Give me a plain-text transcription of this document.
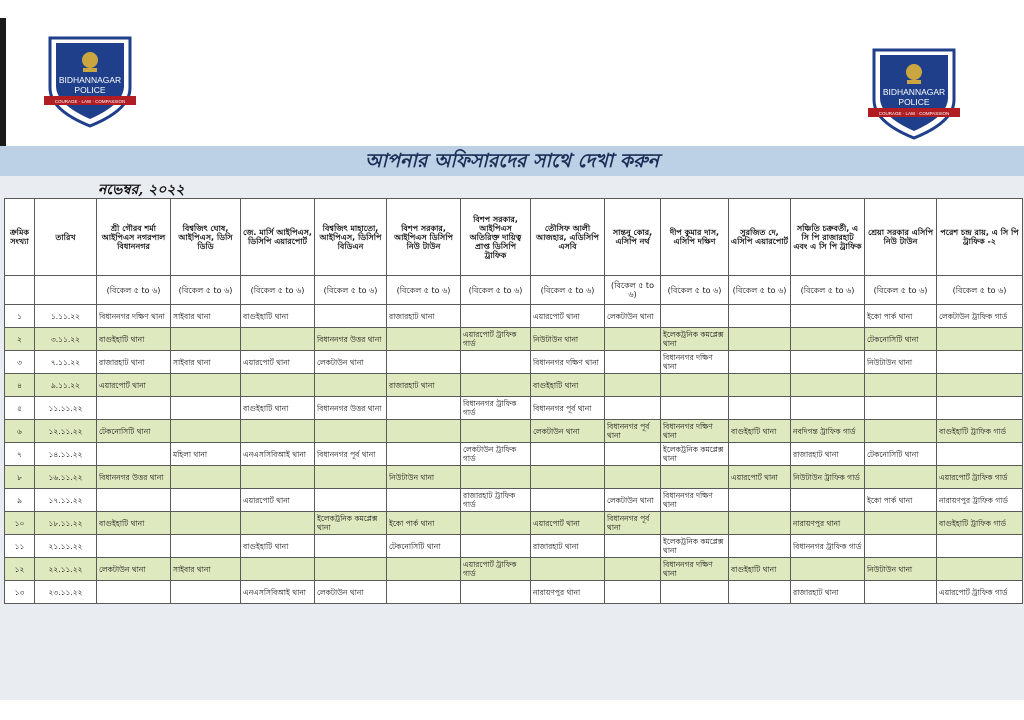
BIDHANNAGAR
POLICE
COURAGE · LAW · COMPASSION
BIDHANNAGAR
POLICE
COURAGE · LAW · COMPASSION
আপনার অফিসারদের সাথে দেখা করুন
নভেম্বর, ২০২২
ক্রমিক সংখ্যা	তারিখ	শ্রী গৌরব শর্মা আইপিএস নগরপাল বিধাননগর	বিশ্বজিৎ ঘোষ, আইপিএস, ডিসি ডিডি	জে. মার্সি আইপিএস, ডিসিপি এয়ারপোর্ট	বিশ্বজিৎ মাহাতো, আইপিএস, ডিসিপি বিডিএন	বিশপ সরকার, আইপিএস ডিসিপি নিউ টাউন	বিশপ সরকার, আইপিএস অতিরিক্ত দায়িত্ব প্রাপ্ত ডিসিপি ট্রাফিক	তৌসিফ আলী আজহার, এডিসিপি এসবি	সান্তনু কোর, এসিপি নর্থ	দীপ কুমার দাস, এসিপি দক্ষিণ	সুরজিত দে, এসিপি এয়ারপোর্ট	সঞ্চিতি চক্রবর্তী, এ সি পি রাজারহাট এবং এ সি পি ট্রাফিক	শ্রেয়া সরকার এসিপি নিউ টাউন	পরেশ চন্দ্র রায়, এ সি পি ট্রাফিক -২
		(বিকেল ৫ to ৬)	(বিকেল ৫ to ৬)	(বিকেল ৫ to ৬)	(বিকেল ৫ to ৬)	(বিকেল ৫ to ৬)	(বিকেল ৫ to ৬)	(বিকেল ৫ to ৬)	(বিকেল ৫ to ৬)	(বিকেল ৫ to ৬)	(বিকেল ৫ to ৬)	(বিকেল ৫ to ৬)	(বিকেল ৫ to ৬)	(বিকেল ৫ to ৬)
১	১.১১.২২	বিধাননগর দক্ষিণ থানা	সাইবার থানা	বাগুইহাটি থানা		রাজারহাট থানা		এয়ারপোর্ট থানা	লেকটাউন থানা				ইকো পার্ক থানা	লেকটাউন ট্রাফিক গার্ড
২	৩.১১.২২	বাগুইহাটি থানা			বিধাননগর উত্তর থানা		এয়ারপোর্ট ট্রাফিক গার্ড	নিউটাউন থানা		ইলেকট্রনিক কমপ্লেক্স থানা			টেকনোসিটি থানা	
৩	৭.১১.২২	রাজারহাট থানা	সাইবার থানা	এয়ারপোর্ট থানা	লেকটাউন থানা			বিধাননগর দক্ষিণ থানা		বিধাননগর দক্ষিণ থানা			নিউটাউন থানা	
৪	৯.১১.২২	এয়ারপোর্ট থানা				রাজারহাট থানা		বাগুইহাটি থানা						
৫	১১.১১.২২			বাগুইহাটি থানা	বিধাননগর উত্তর থানা		বিধাননগর ট্রাফিক গার্ড	বিধাননগর পূর্ব থানা						
৬	১২.১১.২২	টেকনোসিটি থানা						লেকটাউন থানা	বিধাননগর পূর্ব থানা	বিধাননগর দক্ষিণ থানা	বাগুইহাটি থানা	নবদিগন্ত ট্রাফিক গার্ড		বাগুইহাটি ট্রাফিক গার্ড
৭	১৪.১১.২২		মহিলা থানা	এনএসসিবিআই থানা	বিধাননগর পূর্ব থানা		লেকটাউন ট্রাফিক গার্ড			ইলেকট্রনিক কমপ্লেক্স থানা		রাজারহাট থানা	টেকনোসিটি থানা	
৮	১৬.১১.২২	বিধাননগর উত্তর থানা				নিউটাউন থানা					এয়ারপোর্ট থানা	নিউটাউন ট্রাফিক গার্ড		এয়ারপোর্ট ট্রাফিক গার্ড
৯	১৭.১১.২২			এয়ারপোর্ট থানা			রাজারহাট ট্রাফিক গার্ড		লেকটাউন থানা	বিধাননগর দক্ষিণ থানা			ইকো পার্ক থানা	নারায়ণপুর ট্রাফিক গার্ড
১০	১৮.১১.২২	বাগুইহাটি থানা			ইলেকট্রনিক কমপ্লেক্স থানা	ইকো পার্ক থানা		এয়ারপোর্ট থানা	বিধাননগর পূর্ব থানা			নারায়ণপুর থানা		বাগুইহাটি ট্রাফিক গার্ড
১১	২১.১১.২২			বাগুইহাটি থানা		টেকনোসিটি থানা		রাজারহাট থানা		ইলেকট্রনিক কমপ্লেক্স থানা		বিধাননগর ট্রাফিক গার্ড		
১২	২২.১১.২২	লেকটাউন থানা	সাইবার থানা				এয়ারপোর্ট ট্রাফিক গার্ড			বিধাননগর দক্ষিণ থানা	বাগুইহাটি থানা		নিউটাউন থানা	
১৩	২৩.১১.২২			এনএসসিবিআই থানা	লেকটাউন থানা			নারায়ণপুর থানা				রাজারহাট থানা		এয়ারপোর্ট ট্রাফিক গার্ড
